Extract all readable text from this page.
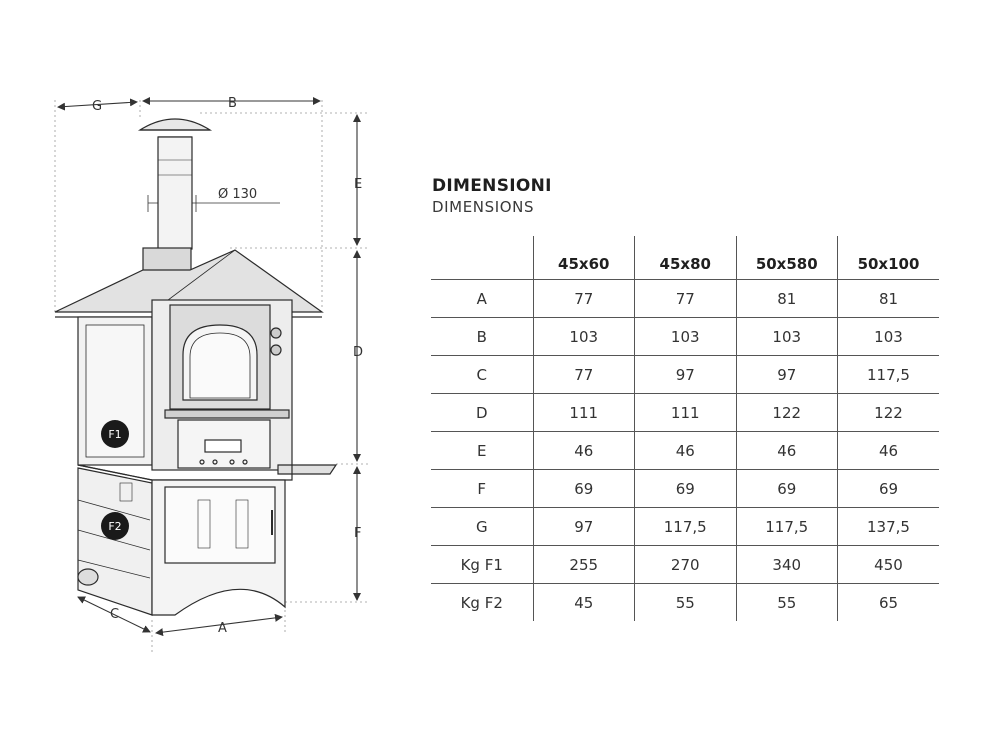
G	B
E
D
F
C
A
Ø 130
F1
F2
DIMENSIONI
DIMENSIONS
	45x60	45x80	50x580	50x100
A	77	77	81	81
B	103	103	103	103
C	77	97	97	117,5
D	111	111	122	122
E	46	46	46	46
F	69	69	69	69
G	97	117,5	117,5	137,5
Kg F1	255	270	340	450
Kg F2	45	55	55	65
